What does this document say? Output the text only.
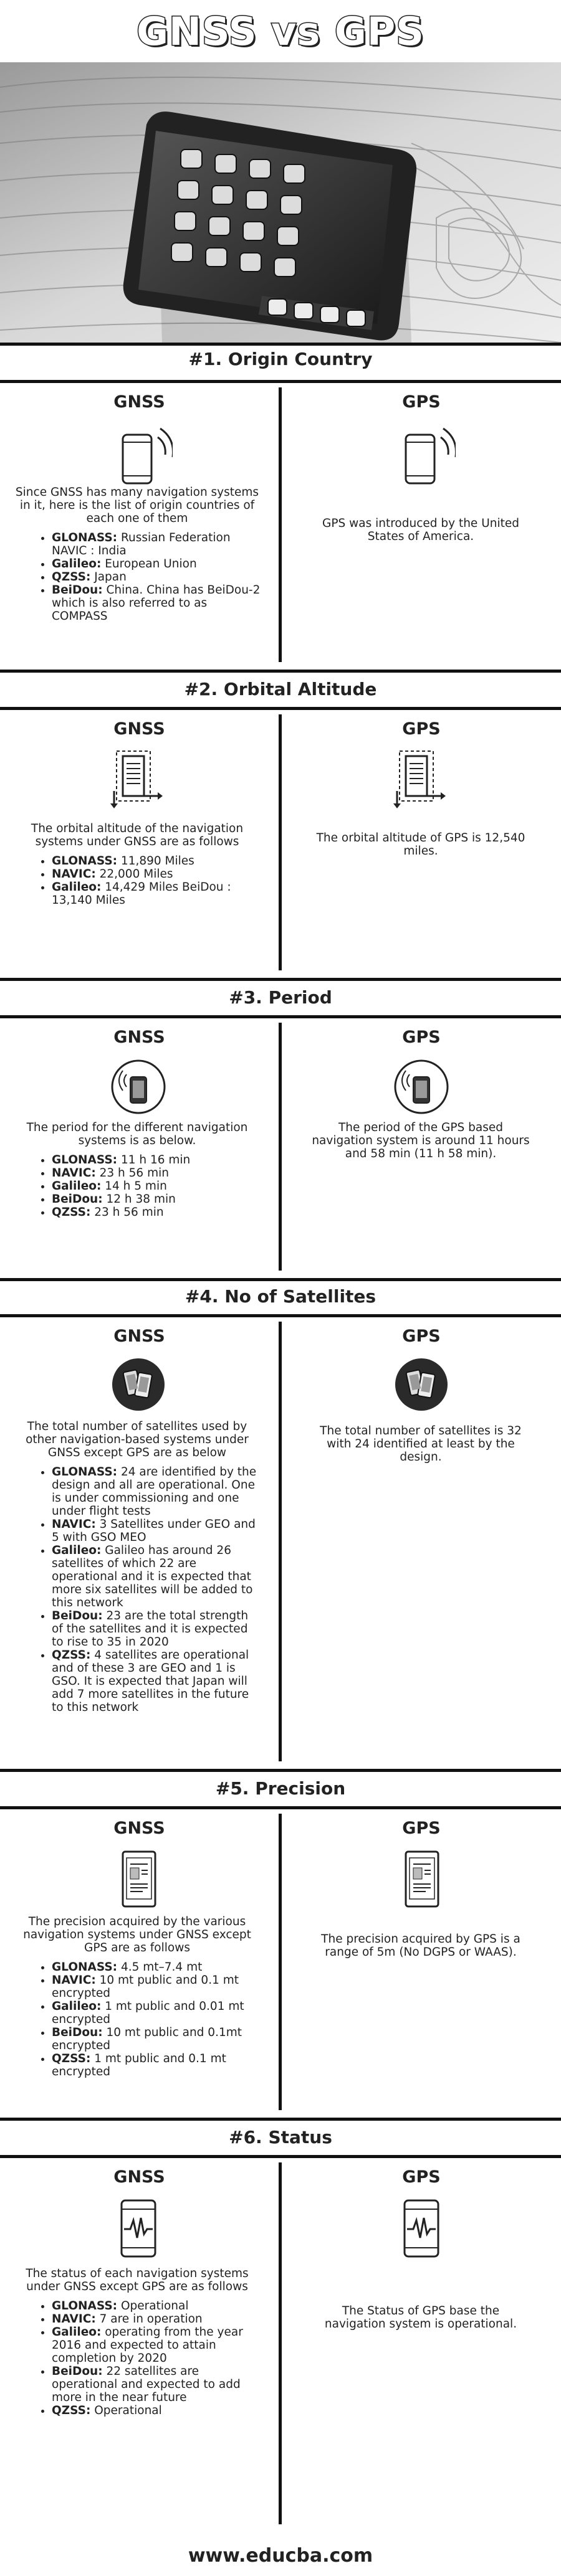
GNSS vs GPS
#1. Origin Country
GNSS	GPS
Since GNSS has many navigation systems in it, here is the list of origin countries of each one of them
• GLONASS: Russian Federation NAVIC : India
• Galileo: European Union
• QZSS: Japan
• BeiDou: China. China has BeiDou-2 which is also referred to as COMPASS
GPS was introduced by the United States of America.
#2. Orbital Altitude
GNSS	GPS
The orbital altitude of the navigation systems under GNSS are as follows
• GLONASS: 11,890 Miles
• NAVIC: 22,000 Miles
• Galileo: 14,429 Miles BeiDou : 13,140 Miles
The orbital altitude of GPS is 12,540 miles.
#3. Period
GNSS	GPS
The period for the different navigation systems is as below.
• GLONASS: 11 h 16 min
• NAVIC: 23 h 56 min
• Galileo: 14 h 5 min
• BeiDou: 12 h 38 min
• QZSS: 23 h 56 min
The period of the GPS based navigation system is around 11 hours and 58 min (11 h 58 min).
#4. No of Satellites
GNSS	GPS
The total number of satellites used by other navigation-based systems under GNSS except GPS are as below
• GLONASS: 24 are identified by the design and all are operational. One is under commissioning and one under flight tests
• NAVIC: 3 Satellites under GEO and 5 with GSO MEO
• Galileo: Galileo has around 26 satellites of which 22 are operational and it is expected that more six satellites will be added to this network
• BeiDou: 23 are the total strength of the satellites and it is expected to rise to 35 in 2020
• QZSS: 4 satellites are operational and of these 3 are GEO and 1 is GSO. It is expected that Japan will add 7 more satellites in the future to this network
The total number of satellites is 32 with 24 identified at least by the design.
#5. Precision
GNSS	GPS
The precision acquired by the various navigation systems under GNSS except GPS are as follows
• GLONASS: 4.5 mt–7.4 mt
• NAVIC: 10 mt public and 0.1 mt encrypted
• Galileo: 1 mt public and 0.01 mt encrypted
• BeiDou: 10 mt public and 0.1mt encrypted
• QZSS: 1 mt public and 0.1 mt encrypted
The precision acquired by GPS is a range of 5m (No DGPS or WAAS).
#6. Status
GNSS	GPS
The status of each navigation systems under GNSS except GPS are as follows
• GLONASS: Operational
• NAVIC: 7 are in operation
• Galileo: operating from the year 2016 and expected to attain completion by 2020
• BeiDou: 22 satellites are operational and expected to add more in the near future
• QZSS: Operational
The Status of GPS base the navigation system is operational.
www.educba.com
